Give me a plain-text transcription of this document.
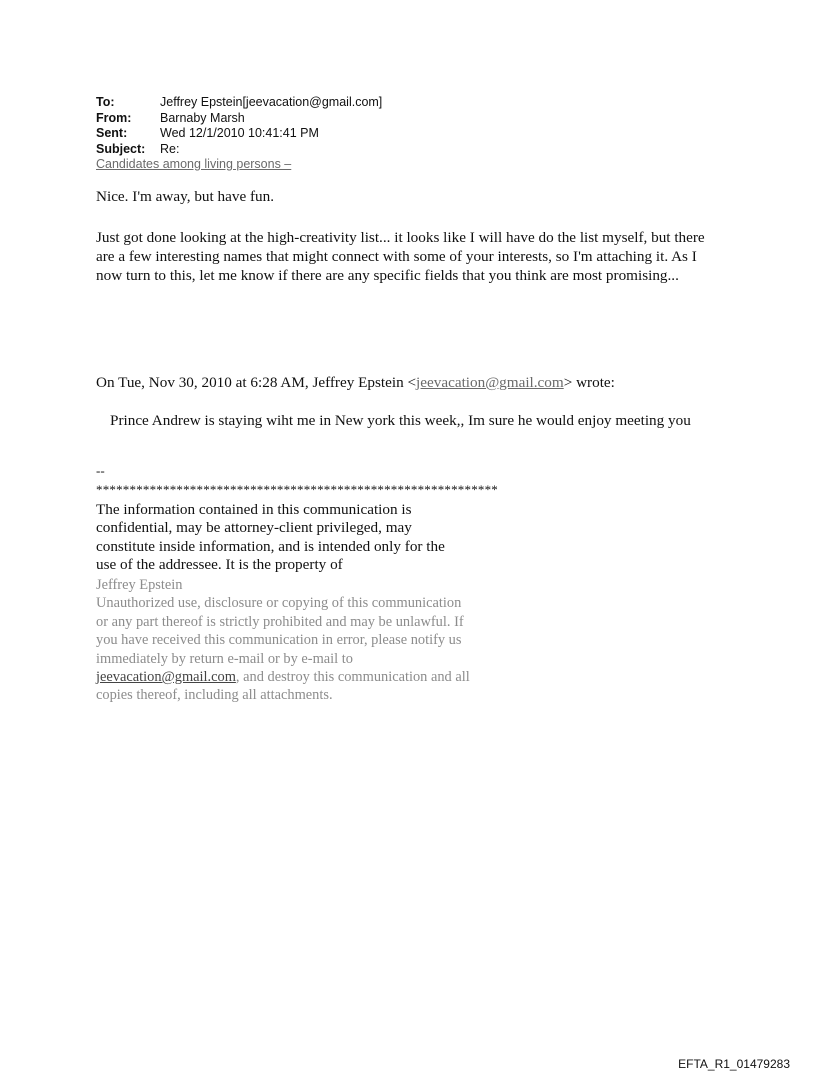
To:	Jeffrey Epstein[jeevacation@gmail.com]
From:	Barnaby Marsh
Sent:	Wed 12/1/2010 10:41:41 PM
Subject:	Re:
Candidates among living persons –
Nice. I'm away, but have fun.
Just got done looking at the high-creativity list... it looks like I will have do the list myself, but there are a few interesting names that might connect with some of your interests, so I'm attaching it. As I now turn to this, let me know if there are any specific fields that you think are most promising...
On Tue, Nov 30, 2010 at 6:28 AM, Jeffrey Epstein <jeevacation@gmail.com> wrote:
Prince Andrew is staying wiht me in New york this week,, Im sure he would enjoy meeting you
--
************************************************************
The information contained in this communication is confidential, may be attorney-client privileged, may constitute inside information, and is intended only for the use of the addressee. It is the property of
Jeffrey Epstein
Unauthorized use, disclosure or copying of this communication or any part thereof is strictly prohibited and may be unlawful. If you have received this communication in error, please notify us immediately by return e-mail or by e-mail to jeevacation@gmail.com, and destroy this communication and all copies thereof, including all attachments.
EFTA_R1_01479283
